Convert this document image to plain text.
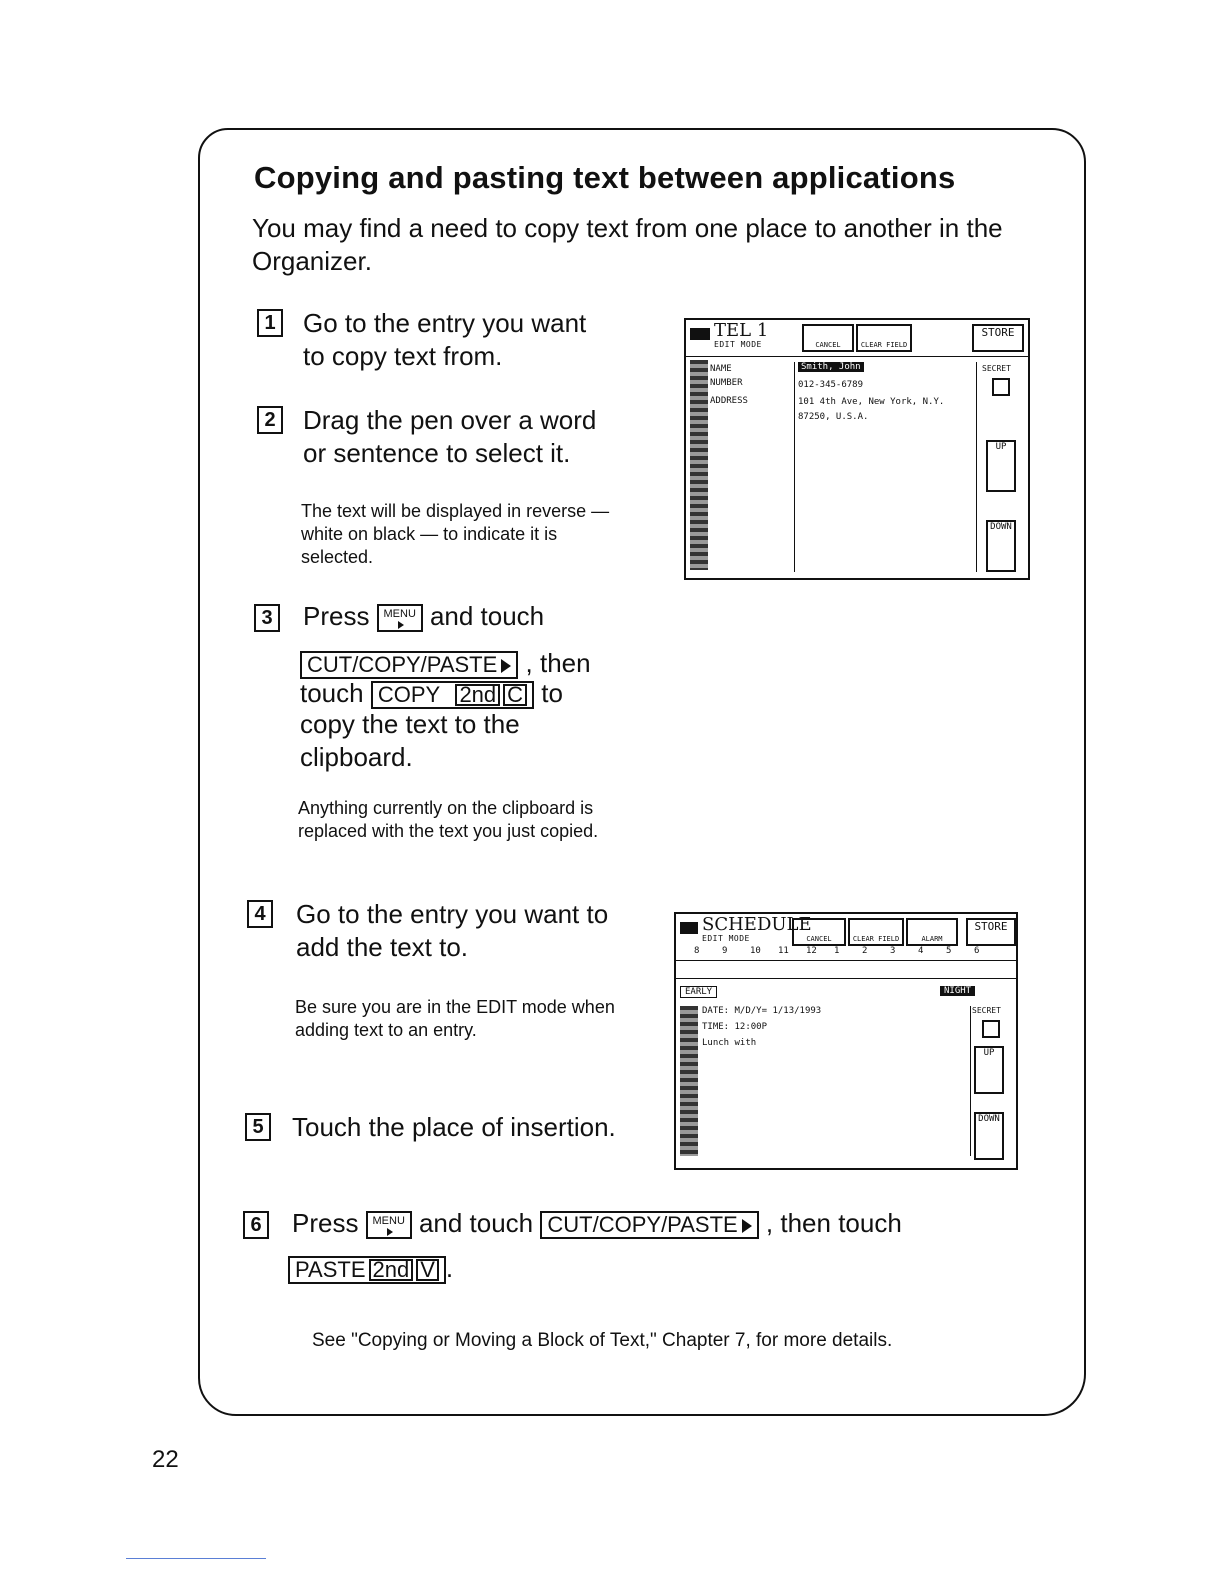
Copying and pasting text between applications
You may find a need to copy text from one place to another in the Organizer.
1 Go to the entry you want to copy text from.
2 Drag the pen over a word or sentence to select it.
The text will be displayed in reverse — white on black — to indicate it is selected.
3 Press MENU and touch
CUT/COPY/PASTE , then
touch COPY 2nd C to
copy the text to the clipboard.
Anything currently on the clipboard is replaced with the text you just copied.
4 Go to the entry you want to add the text to.
Be sure you are in the EDIT mode when adding text to an entry.
5 Touch the place of insertion.
6 Press MENU and touch CUT/COPY/PASTE , then touch
PASTE 2nd V .
TEL 1
EDIT MODE	CANCEL	CLEAR FIELD
STORE
NAME	Smith, John
NUMBER	012-345-6789
ADDRESS	101 4th Ave, New York, N.Y.
87250, U.S.A.
SECRET
UP
DOWN
SCHEDULE
EDIT MODE	CANCEL	CLEAR FIELD	ALARM
STORE
8	9	10 11 12 1	2	3	4	5	6
EARLY	NIGHT
DATE: M/D/Y= 1/13/1993
TIME: 12:00P
Lunch with
SECRET
UP
DOWN
See "Copying or Moving a Block of Text," Chapter 7, for more details.
22
